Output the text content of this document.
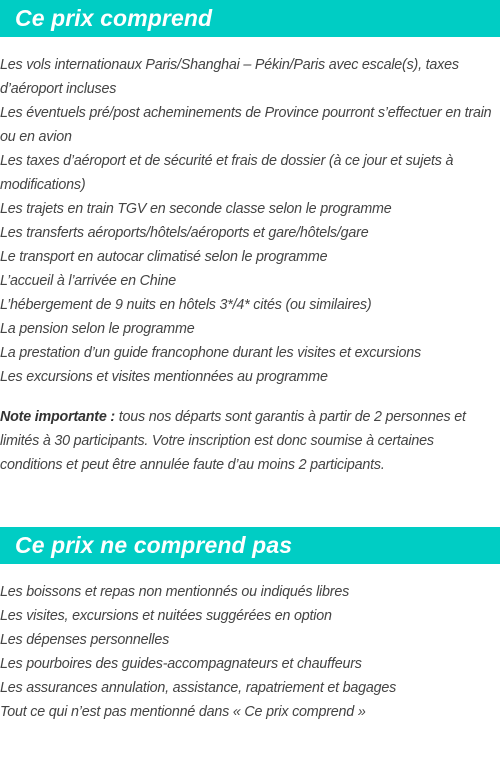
Ce prix comprend
Les vols internationaux Paris/Shanghai – Pékin/Paris avec escale(s), taxes d’aéroport incluses
Les éventuels pré/post acheminements de Province pourront s’effectuer en train ou en avion
Les taxes d’aéroport et de sécurité et frais de dossier (à ce jour et sujets à modifications)
Les trajets en train TGV en seconde classe selon le programme
Les transferts aéroports/hôtels/aéroports et gare/hôtels/gare
Le transport en autocar climatisé selon le programme
L’accueil à l’arrivée en Chine
L’hébergement de 9 nuits en hôtels 3*/4* cités (ou similaires)
La pension selon le programme
La prestation d’un guide francophone durant les visites et excursions
Les excursions et visites mentionnées au programme

Note importante : tous nos départs sont garantis à partir de 2 personnes et limités à 30 participants. Votre inscription est donc soumise à certaines conditions et peut être annulée faute d’au moins 2 participants.

Ce prix ne comprend pas
Les boissons et repas non mentionnés ou indiqués libres
Les visites, excursions et nuitées suggérées en option
Les dépenses personnelles
Les pourboires des guides-accompagnateurs et chauffeurs
Les assurances annulation, assistance, rapatriement et bagages
Tout ce qui n’est pas mentionné dans « Ce prix comprend »
